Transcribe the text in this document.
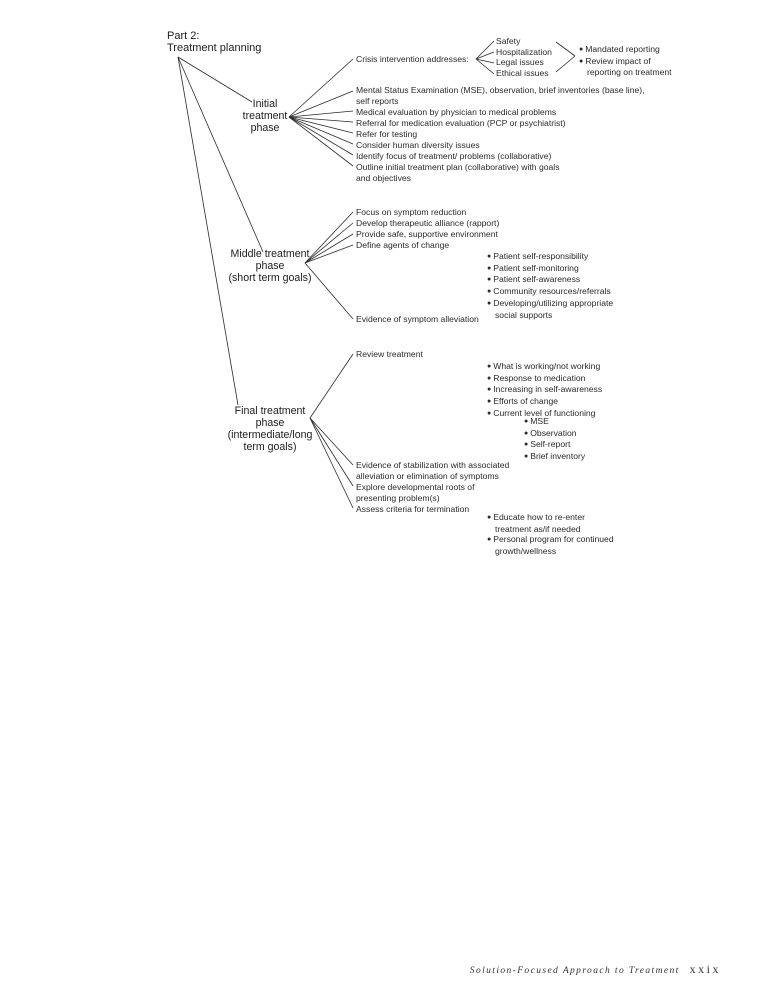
Part 2:
Treatment planning
Initial
treatment
phase
Crisis intervention addresses:
Safety
Hospitalization
Legal issues
Ethical issues
● Mandated reporting
● Review impact of
reporting on treatment
Mental Status Examination (MSE), observation, brief inventories (base line),
self reports
Medical evaluation by physician to medical problems
Referral for medication evaluation (PCP or psychiatrist)
Refer for testing
Consider human diversity issues
Identify focus of treatment/ problems (collaborative)
Outline initial treatment plan (collaborative) with goals
and objectives
Middle treatment
phase
(short term goals)
Focus on symptom reduction
Develop therapeutic alliance (rapport)
Provide safe, supportive environment
Define agents of change
● Patient self-responsibility
● Patient self-monitoring
● Patient self-awareness
● Community resources/referrals
● Developing/utilizing appropriate
social supports
Evidence of symptom alleviation
Final treatment
phase
(intermediate/long
term goals)
Review treatment
● What is working/not working
● Response to medication
● Increasing in self-awareness
● Efforts of change
● Current level of functioning
● MSE
● Observation
● Self-report
● Brief inventory
Evidence of stabilization with associated
alleviation or elimination of symptoms
Explore developmental roots of
presenting problem(s)
Assess criteria for termination
● Educate how to re-enter
treatment as/if needed
● Personal program for continued
growth/wellness
Solution-Focused Approach to Treatment xxix
